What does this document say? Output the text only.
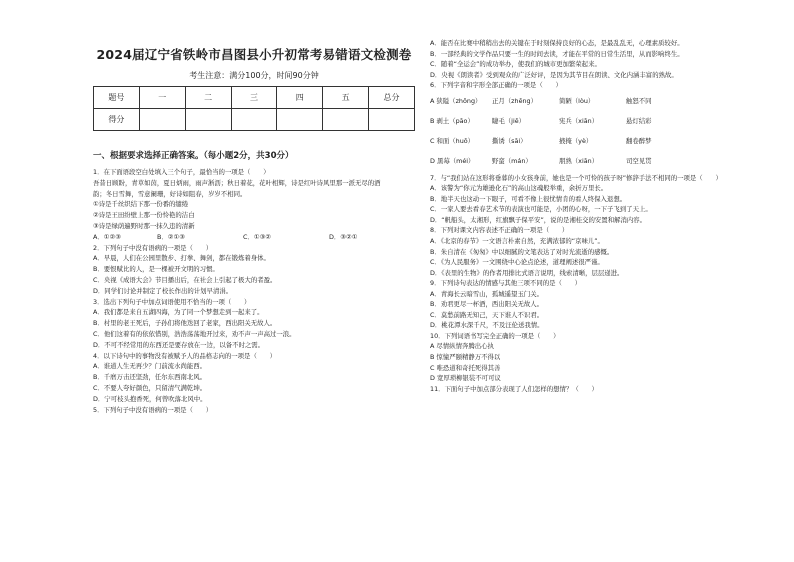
2024届辽宁省铁岭市昌图县小升初常考易错语文检测卷
考生注意：满分100分，时间90分钟
题号	一	二	三	四	五	总分
得分						
一、根据要求选择正确答案。（每小题2分，共30分）
1．在下面语段空白处填入三个句子，最恰当的一项是（　　）
吾昔日顾盼，青草如茵，夏日炳雨，雨声淅沥；秋日着花，花叶相辉，诗是红叶诗风里那一派无尽的酒
韵；冬日雪舞，雪意阑珊，好诗如阻春，岁岁不相同。
①诗是千丝织结下那一份番的缱绻
②诗是王田纷壁上那一份怜艳的洁白
③诗是绿荫遍野时那一抹久违的清新
A．①②③	B．②①③	C．①③②	D．③②①
2．下列句子中没有语病的一项是（　　）
A．早晨，人们在公园里散步、打拳、舞剑，都在锻炼着身体。
B．要恨赋比的人，是一棵被开文明的习惯。
C．央视《成语大会》节目播出后，在社会上引起了极大的者盈。
D．同学们讨论并制定了校长作出的计划早清涓。
3．选出下列句子中加点词语使用不恰当的一项（　　）
A．我们都是来自五湖四海，为了同一个梦想走到一起来了。
B．村里的老王死后，子孙们将他迭回了老家，西出阳关无故人。
C．他们这着有的依依惜别，浩浩荡荡地开过来，劝不声一声高过一浪。
D．不可不经常用的东西还是要存放在一边，以备不时之需。
4．以下诗句中的事物没有被赋予人的品格志向的一项是（　　）
A．谁道人生无再少？门前流水尚能西。
B．千磨万击还坚劲，任尔东西南北风。
C．不要人夸好颜色，只留清气满乾坤。
D．宁可枝头抱香死，何曾吹落北风中。
5．下列句子中没有语病的一项是（　　）
A．能否在比赛中稍稍出去的关键在于时刻保持良好的心态，是最乱乱无，心理素质较好。
B．一部经典的文学作品只要一生的时间去读，才能在平常的日常生活里，从而影响终生。
C．随着“全运会”的成功举办，使我们的城市更加繁荣起来。
D．央视《朗读者》受到观众的广泛好评，是因为其节目在朗读、文化内涵丰富的熟故。
6．下列字音和字形全部正确的一项是（　　）
A 狭隘（zhōng）	正月（zhēng）	简陋（lòu）	触怒不同
B 剥土（pāo）	睫毛（jiē）	宪兵（xiān）	悬灯结彩
C 和面（huō）	撕诱（sāi）	掖掩（yè）	翻卷醉梦
D 黑莓（méi）	野蛮（mán）	朋熟（xiān）	司空见贯
7．与“我们站在这形将垂暮的小女孩身前，她也是一个可怜的孩子呀”修辞手法不相同的一项是（　　）
A．该警为“你元为雄逊化石”的高山这魂般举重，余折万里长。
B．地半天也这动一下眼子，可看不像上很忧情肯的看人终保入退想。
C．一家人要去看春艺术节的表演也可能是，小团的心呀，一下子飞到了天上。
D．“帆船头，太湘形，红旗飘子保平安”，说的是湘桂交的安置和解消内容。
8．下列对课文内容表述不正确的一项是（　　）
A．《北京的春节》一文语言朴素自然，充满浓郁的“京味儿”。
B．朱自清在《匆匆》中以细腻的文笔表达了对时光流逝的感慨。
C．《为人民服务》一文围绕中心论点论述，道理阐述很严谨。
D．《表里的生物》的作者用排比式语言说明，线索清晰，层层递进。
9．下列诗句表达的情感与其他三项不同的是（　　）
A．青海长云暗雪山，孤城遥望玉门关。
B．劝君更尽一杯酒，西出阳关无故人。
C．莫愁前路无知己，天下谁人不识君。
D．桃花潭水深千尺，不及汪伦送我情。
10．下列词语书写完全正确的一项是（　　）
A 尽情纵情奔腾出心执
B 惊憧严颐精静万不得以
C 唯恐道和奇托死得其善
D 宽厚琐柳银装不可可议
11．下面句子中加点部分表现了人们怎样的想情？（　　）
